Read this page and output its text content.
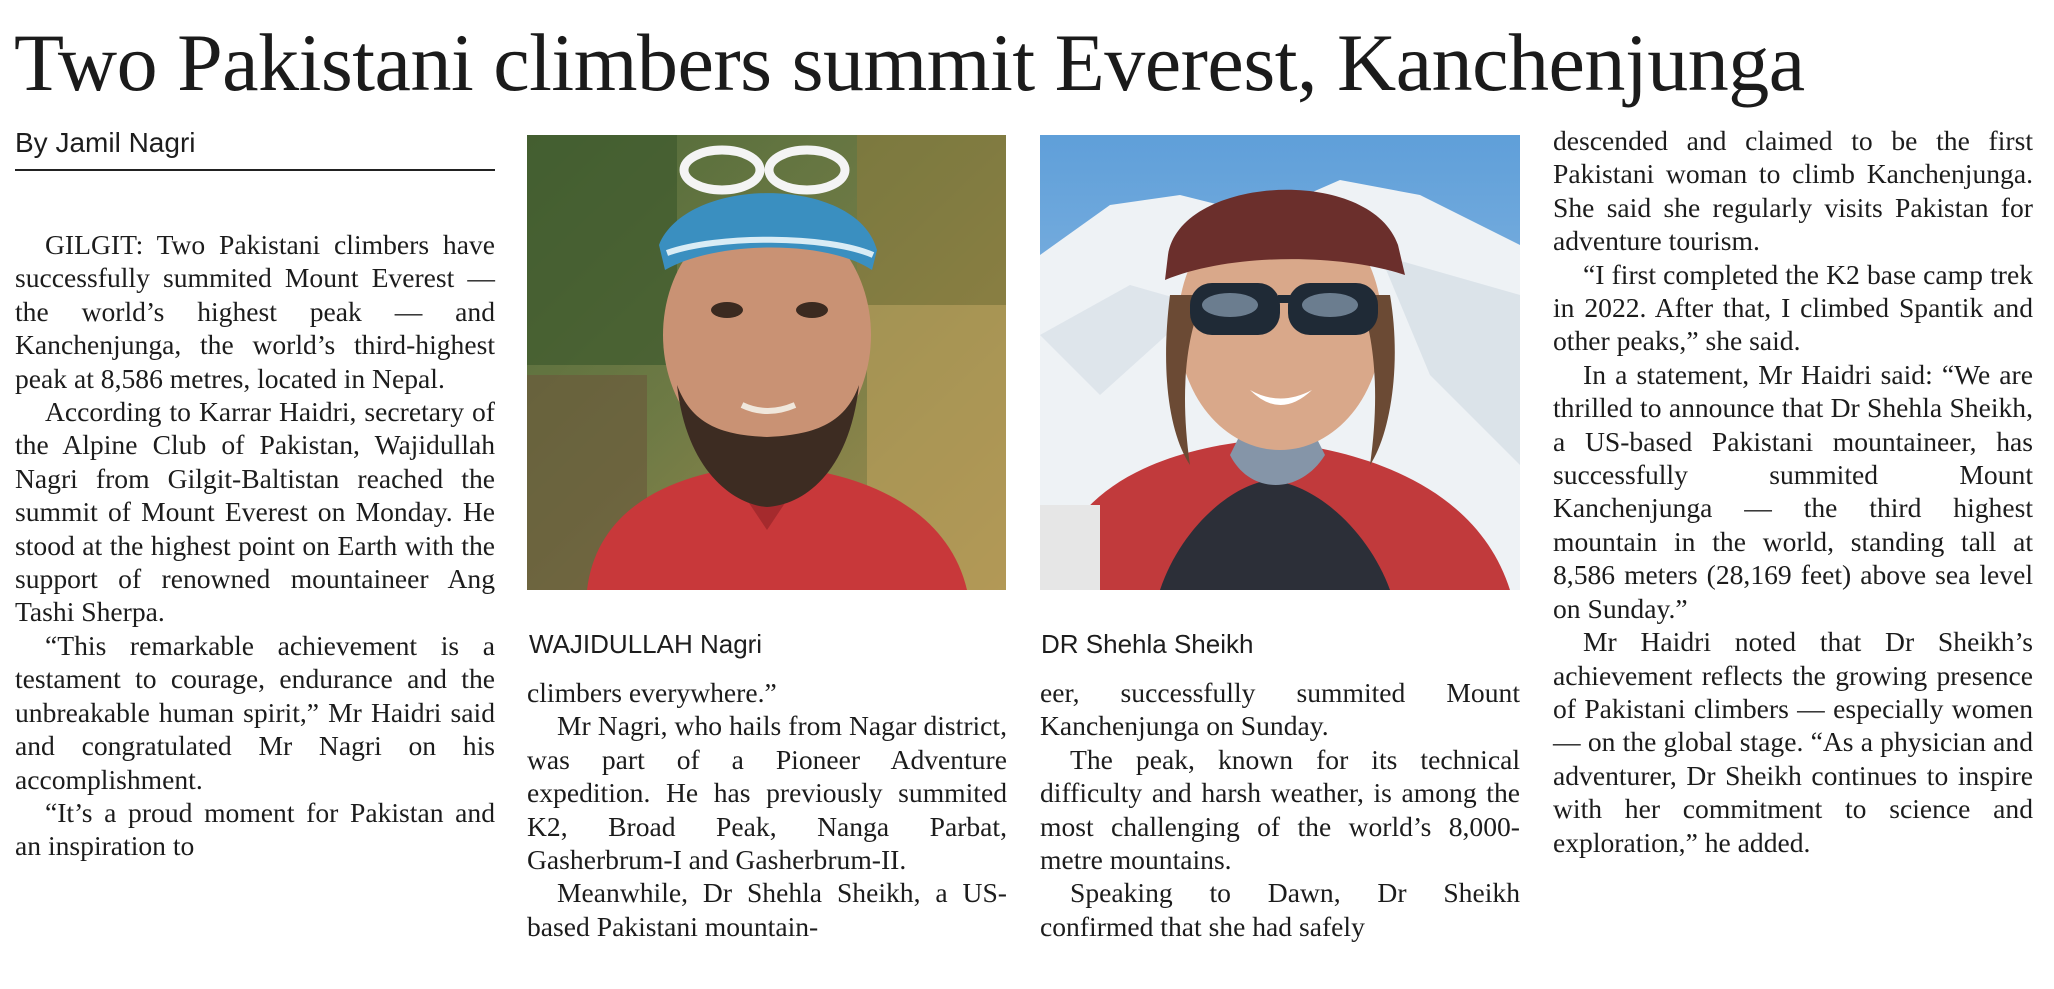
Two Pakistani climbers summit Everest, Kanchenjunga
By Jamil Nagri

GILGIT: Two Pakistani climbers have successfully summited Mount Everest — the world’s highest peak — and Kanchenjunga, the world’s third-highest peak at 8,586 metres, located in Nepal.

According to Karrar Haidri, secretary of the Alpine Club of Pakistan, Wajidullah Nagri from Gilgit-Baltistan reached the summit of Mount Everest on Monday. He stood at the highest point on Earth with the support of renowned mountaineer Ang Tashi Sherpa.

“This remarkable achievement is a testament to courage, endurance and the unbreakable human spirit,” Mr Haidri said and congratulated Mr Nagri on his accomplishment.

“It’s a proud moment for Pakistan and an inspiration to

WAJIDULLAH Nagri	DR Shehla Sheikh

climbers everywhere.”

Mr Nagri, who hails from Nagar district, was part of a Pioneer Adventure expedition. He has previously summited K2, Broad Peak, Nanga Parbat, Gasherbrum-I and Gasherbrum-II.

Meanwhile, Dr Shehla Sheikh, a US- based Pakistani mountain-

eer, successfully summited Mount Kanchenjunga on Sunday.

The peak, known for its technical difficulty and harsh weather, is among the most challenging of the world’s 8,000-metre mountains.

Speaking to Dawn, Dr Sheikh confirmed that she had safely

descended and claimed to be the first Pakistani woman to climb Kanchenjunga. She said she regularly visits Pakistan for adventure tourism.

“I first completed the K2 base camp trek in 2022. After that, I climbed Spantik and other peaks,” she said.

In a statement, Mr Haidri said: “We are thrilled to announce that Dr Shehla Sheikh, a US-based Pakistani mountaineer, has successfully summited Mount Kanchenjunga — the third highest mountain in the world, standing tall at 8,586 meters (28,169 feet) above sea level on Sunday.”

Mr Haidri noted that Dr Sheikh’s achievement reflects the growing presence of Pakistani climbers — especially women — on the global stage. “As a physician and adventurer, Dr Sheikh continues to inspire with her commitment to science and exploration,” he added.
